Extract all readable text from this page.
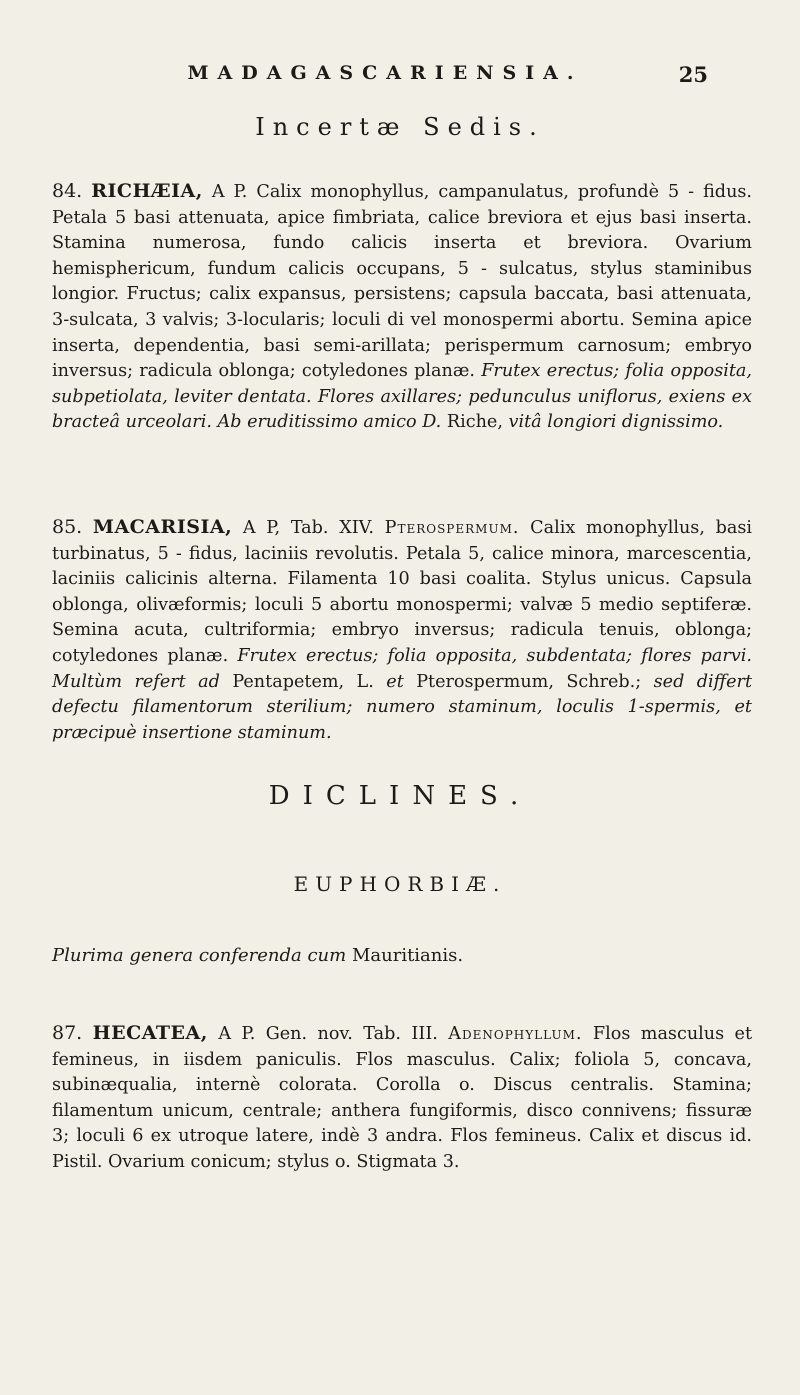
MADAGASCARIENSIA.	25
Incertæ Sedis.

84. RICHÆIA, A P. Calix monophyllus, campanulatus, profundè 5 - fidus. Petala 5 basi attenuata, apice fimbriata, calice breviora et ejus basi inserta. Stamina numerosa, fundo calicis inserta et breviora. Ovarium hemisphericum, fundum calicis occupans, 5 - sulcatus, stylus staminibus longior. Fructus; calix expansus, persistens; capsula baccata, basi attenuata, 3-sulcata, 3 valvis; 3-locularis; loculi di vel monospermi abortu. Semina apice inserta, dependentia, basi semi-arillata; perispermum carnosum; embryo inversus; radicula oblonga; cotyledones planæ. Frutex erectus; folia opposita, subpetiolata, leviter dentata. Flores axillares; pedunculus uniflorus, exiens ex bracteâ urceolari. Ab eruditissimo amico D. Riche, vitâ longiori dignissimo.

85. MACARISIA, A P, Tab. XIV. Pterospermum. Calix monophyllus, basi turbinatus, 5 - fidus, laciniis revolutis. Petala 5, calice minora, marcescentia, laciniis calicinis alterna. Filamenta 10 basi coalita. Stylus unicus. Capsula oblonga, olivæformis; loculi 5 abortu monospermi; valvæ 5 medio septiferæ. Semina acuta, cultriformia; embryo inversus; radicula tenuis, oblonga; cotyledones planæ. Frutex erectus; folia opposita, subdentata; flores parvi. Multùm refert ad Pentapetem, L. et Pterospermum, Schreb.; sed differt defectu filamentorum sterilium; numero staminum, loculis 1-spermis, et præcipuè insertione staminum.

DICLINES.
EUPHORBIÆ.
Plurima genera conferenda cum Mauritianis.

87. HECATEA, A P. Gen. nov. Tab. III. Adenophyllum. Flos masculus et femineus, in iisdem paniculis. Flos masculus. Calix; foliola 5, concava, subinæqualia, internè colorata. Corolla o. Discus centralis. Stamina; filamentum unicum, centrale; anthera fungiformis, disco connivens; fissuræ 3; loculi 6 ex utroque latere, indè 3 andra. Flos femineus. Calix et discus id. Pistil. Ovarium conicum; stylus o. Stigmata 3.
